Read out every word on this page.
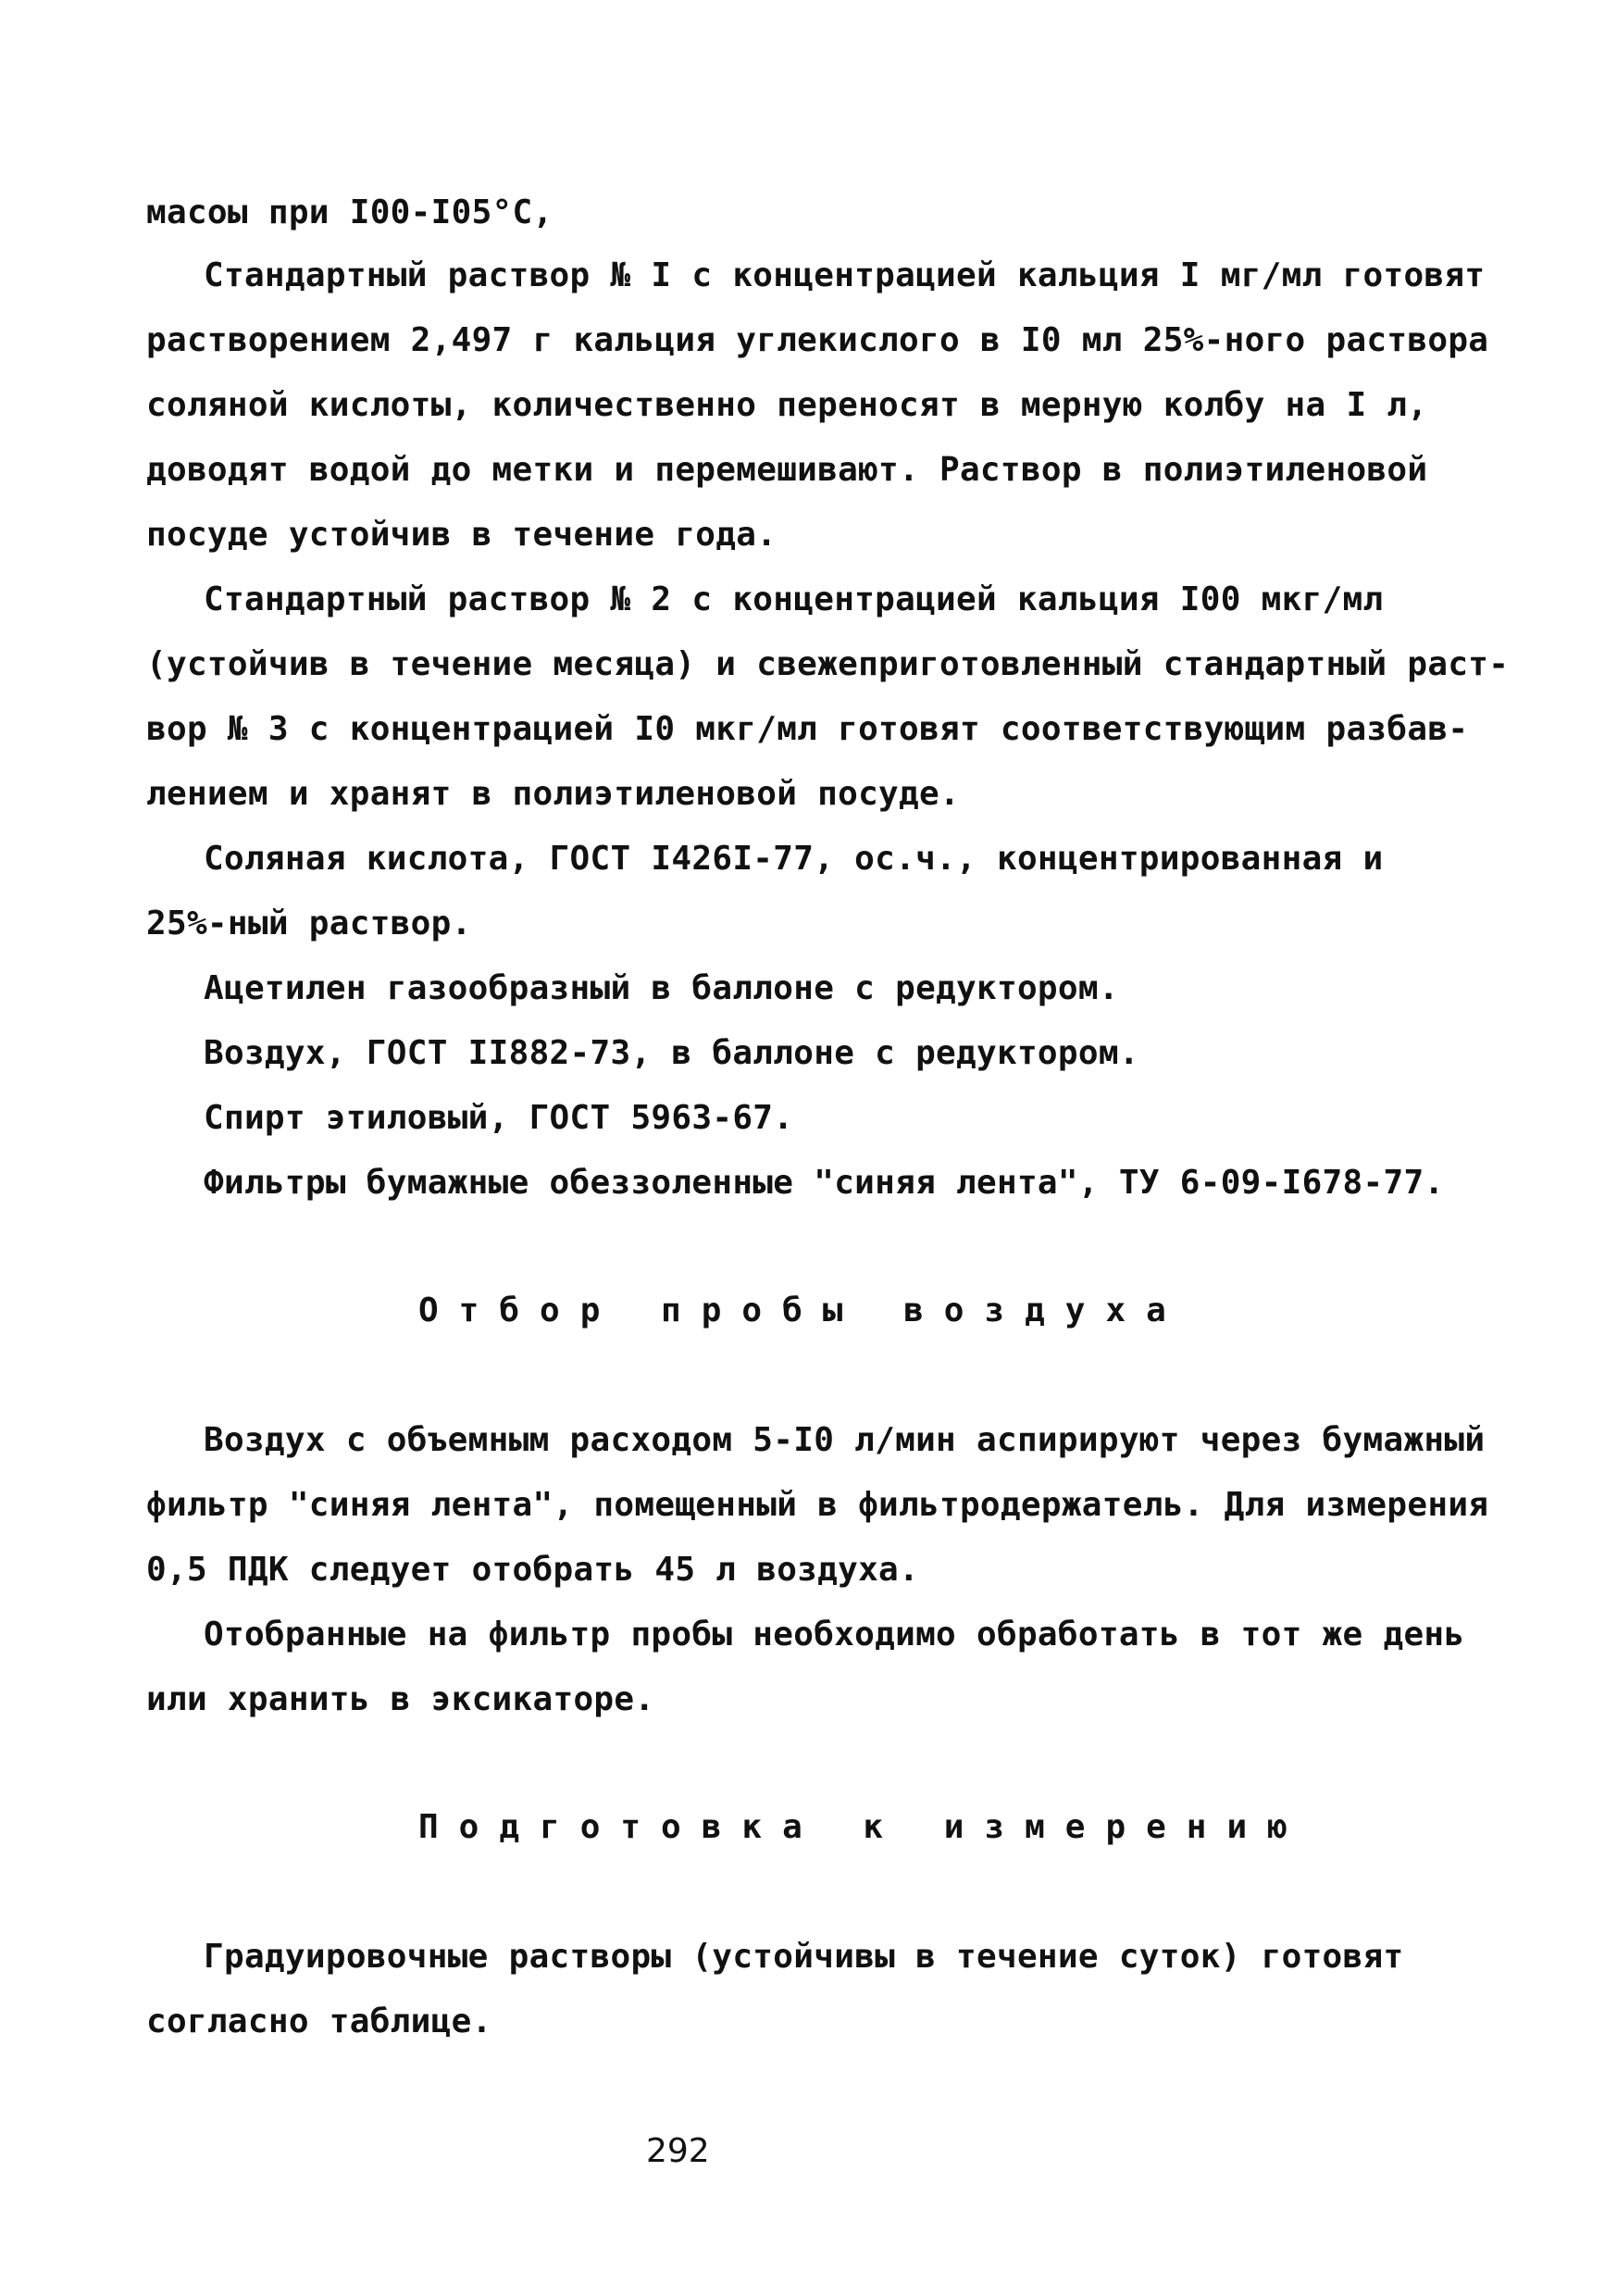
масоы при I00-I05°С,
Стандартный раствор № I с концентрацией кальция I мг/мл готовят
растворением 2,497 г кальция углекислого в I0 мл 25%-ного раствора
соляной кислоты, количественно переносят в мерную колбу на I л,
доводят водой до метки и перемешивают. Раствор в полиэтиленовой
посуде устойчив в течение года.
Стандартный раствор № 2 с концентрацией кальция I00 мкг/мл
(устойчив в течение месяца) и свежеприготовленный стандартный раст-
вор № 3 с концентрацией I0 мкг/мл готовят соответствующим разбав-
лением и хранят в полиэтиленовой посуде.
Соляная кислота, ГОСТ I426I-77, ос.ч., концентрированная и
25%-ный раствор.
Ацетилен газообразный в баллоне с редуктором.
Воздух, ГОСТ II882-73, в баллоне с редуктором.
Спирт этиловый, ГОСТ 5963-67.
Фильтры бумажные обеззоленные "синяя лента", ТУ 6-09-I678-77.
Отбор пробы воздуха
Воздух с объемным расходом 5-I0 л/мин аспирируют через бумажный
фильтр "синяя лента", помещенный в фильтродержатель. Для измерения
0,5 ПДК следует отобрать 45 л воздуха.
Отобранные на фильтр пробы необходимо обработать в тот же день
или хранить в эксикаторе.
Подготовка к измерению
Градуировочные растворы (устойчивы в течение суток) готовят
согласно таблице.
292
